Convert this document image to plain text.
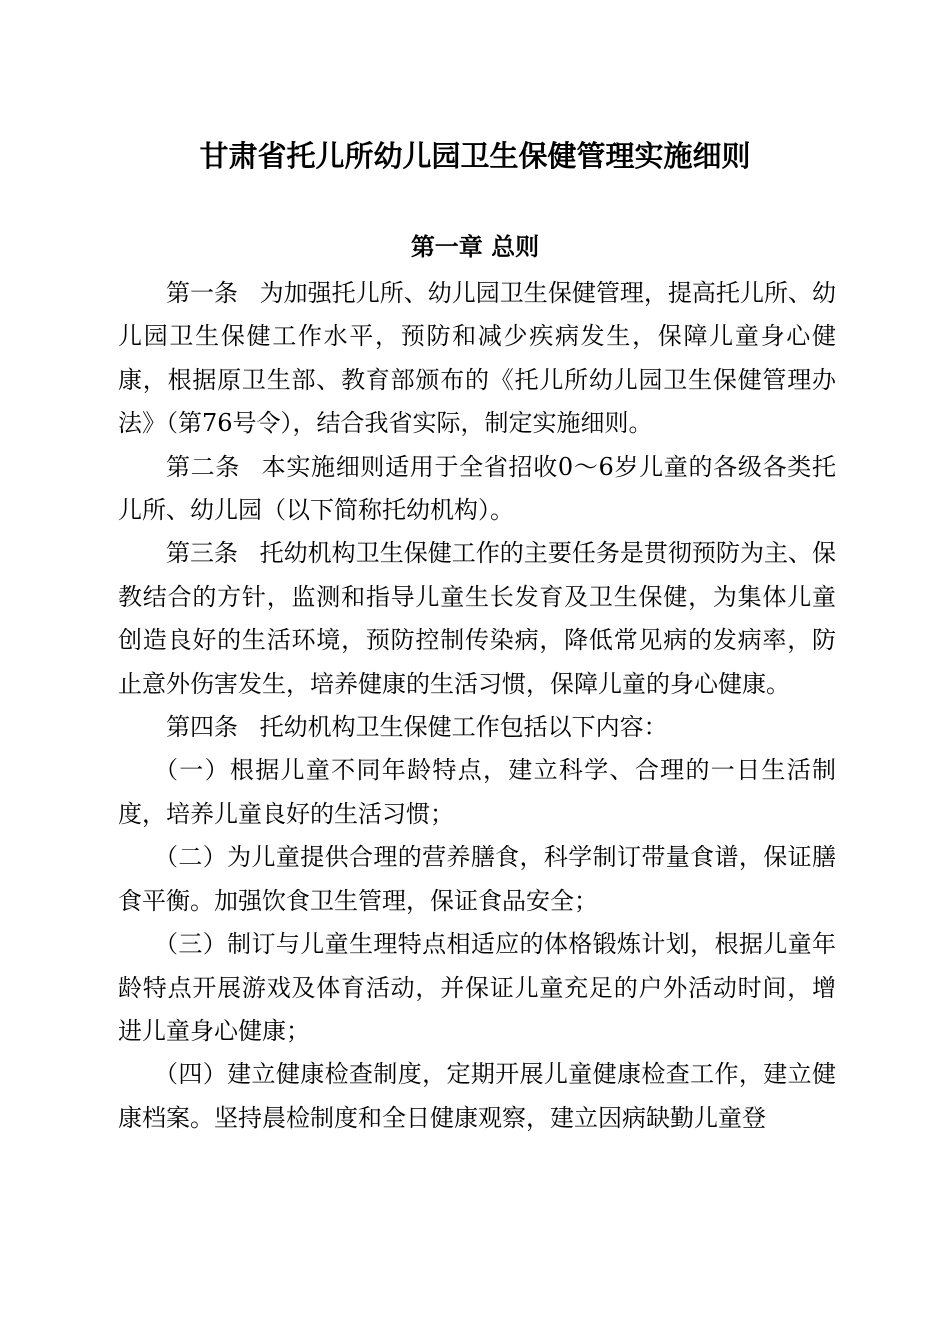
甘肃省托儿所幼儿园卫生保健管理实施细则
第一章 总则

第一条 为加强托儿所、幼儿园卫生保健管理，提高托儿所、幼儿园卫生保健工作水平，预防和减少疾病发生，保障儿童身心健康，根据原卫生部、教育部颁布的《托儿所幼儿园卫生保健管理办法》（第76号令），结合我省实际，制定实施细则。

第二条 本实施细则适用于全省招收0～6岁儿童的各级各类托儿所、幼儿园（以下简称托幼机构）。

第三条 托幼机构卫生保健工作的主要任务是贯彻预防为主、保教结合的方针，监测和指导儿童生长发育及卫生保健，为集体儿童创造良好的生活环境，预防控制传染病，降低常见病的发病率，防止意外伤害发生，培养健康的生活习惯，保障儿童的身心健康。

第四条 托幼机构卫生保健工作包括以下内容：

（一）根据儿童不同年龄特点，建立科学、合理的一日生活制度，培养儿童良好的生活习惯；

（二）为儿童提供合理的营养膳食，科学制订带量食谱，保证膳食平衡。加强饮食卫生管理，保证食品安全；

（三）制订与儿童生理特点相适应的体格锻炼计划，根据儿童年龄特点开展游戏及体育活动，并保证儿童充足的户外活动时间，增进儿童身心健康；

（四）建立健康检查制度，定期开展儿童健康检查工作，建立健康档案。坚持晨检制度和全日健康观察，建立因病缺勤儿童登
